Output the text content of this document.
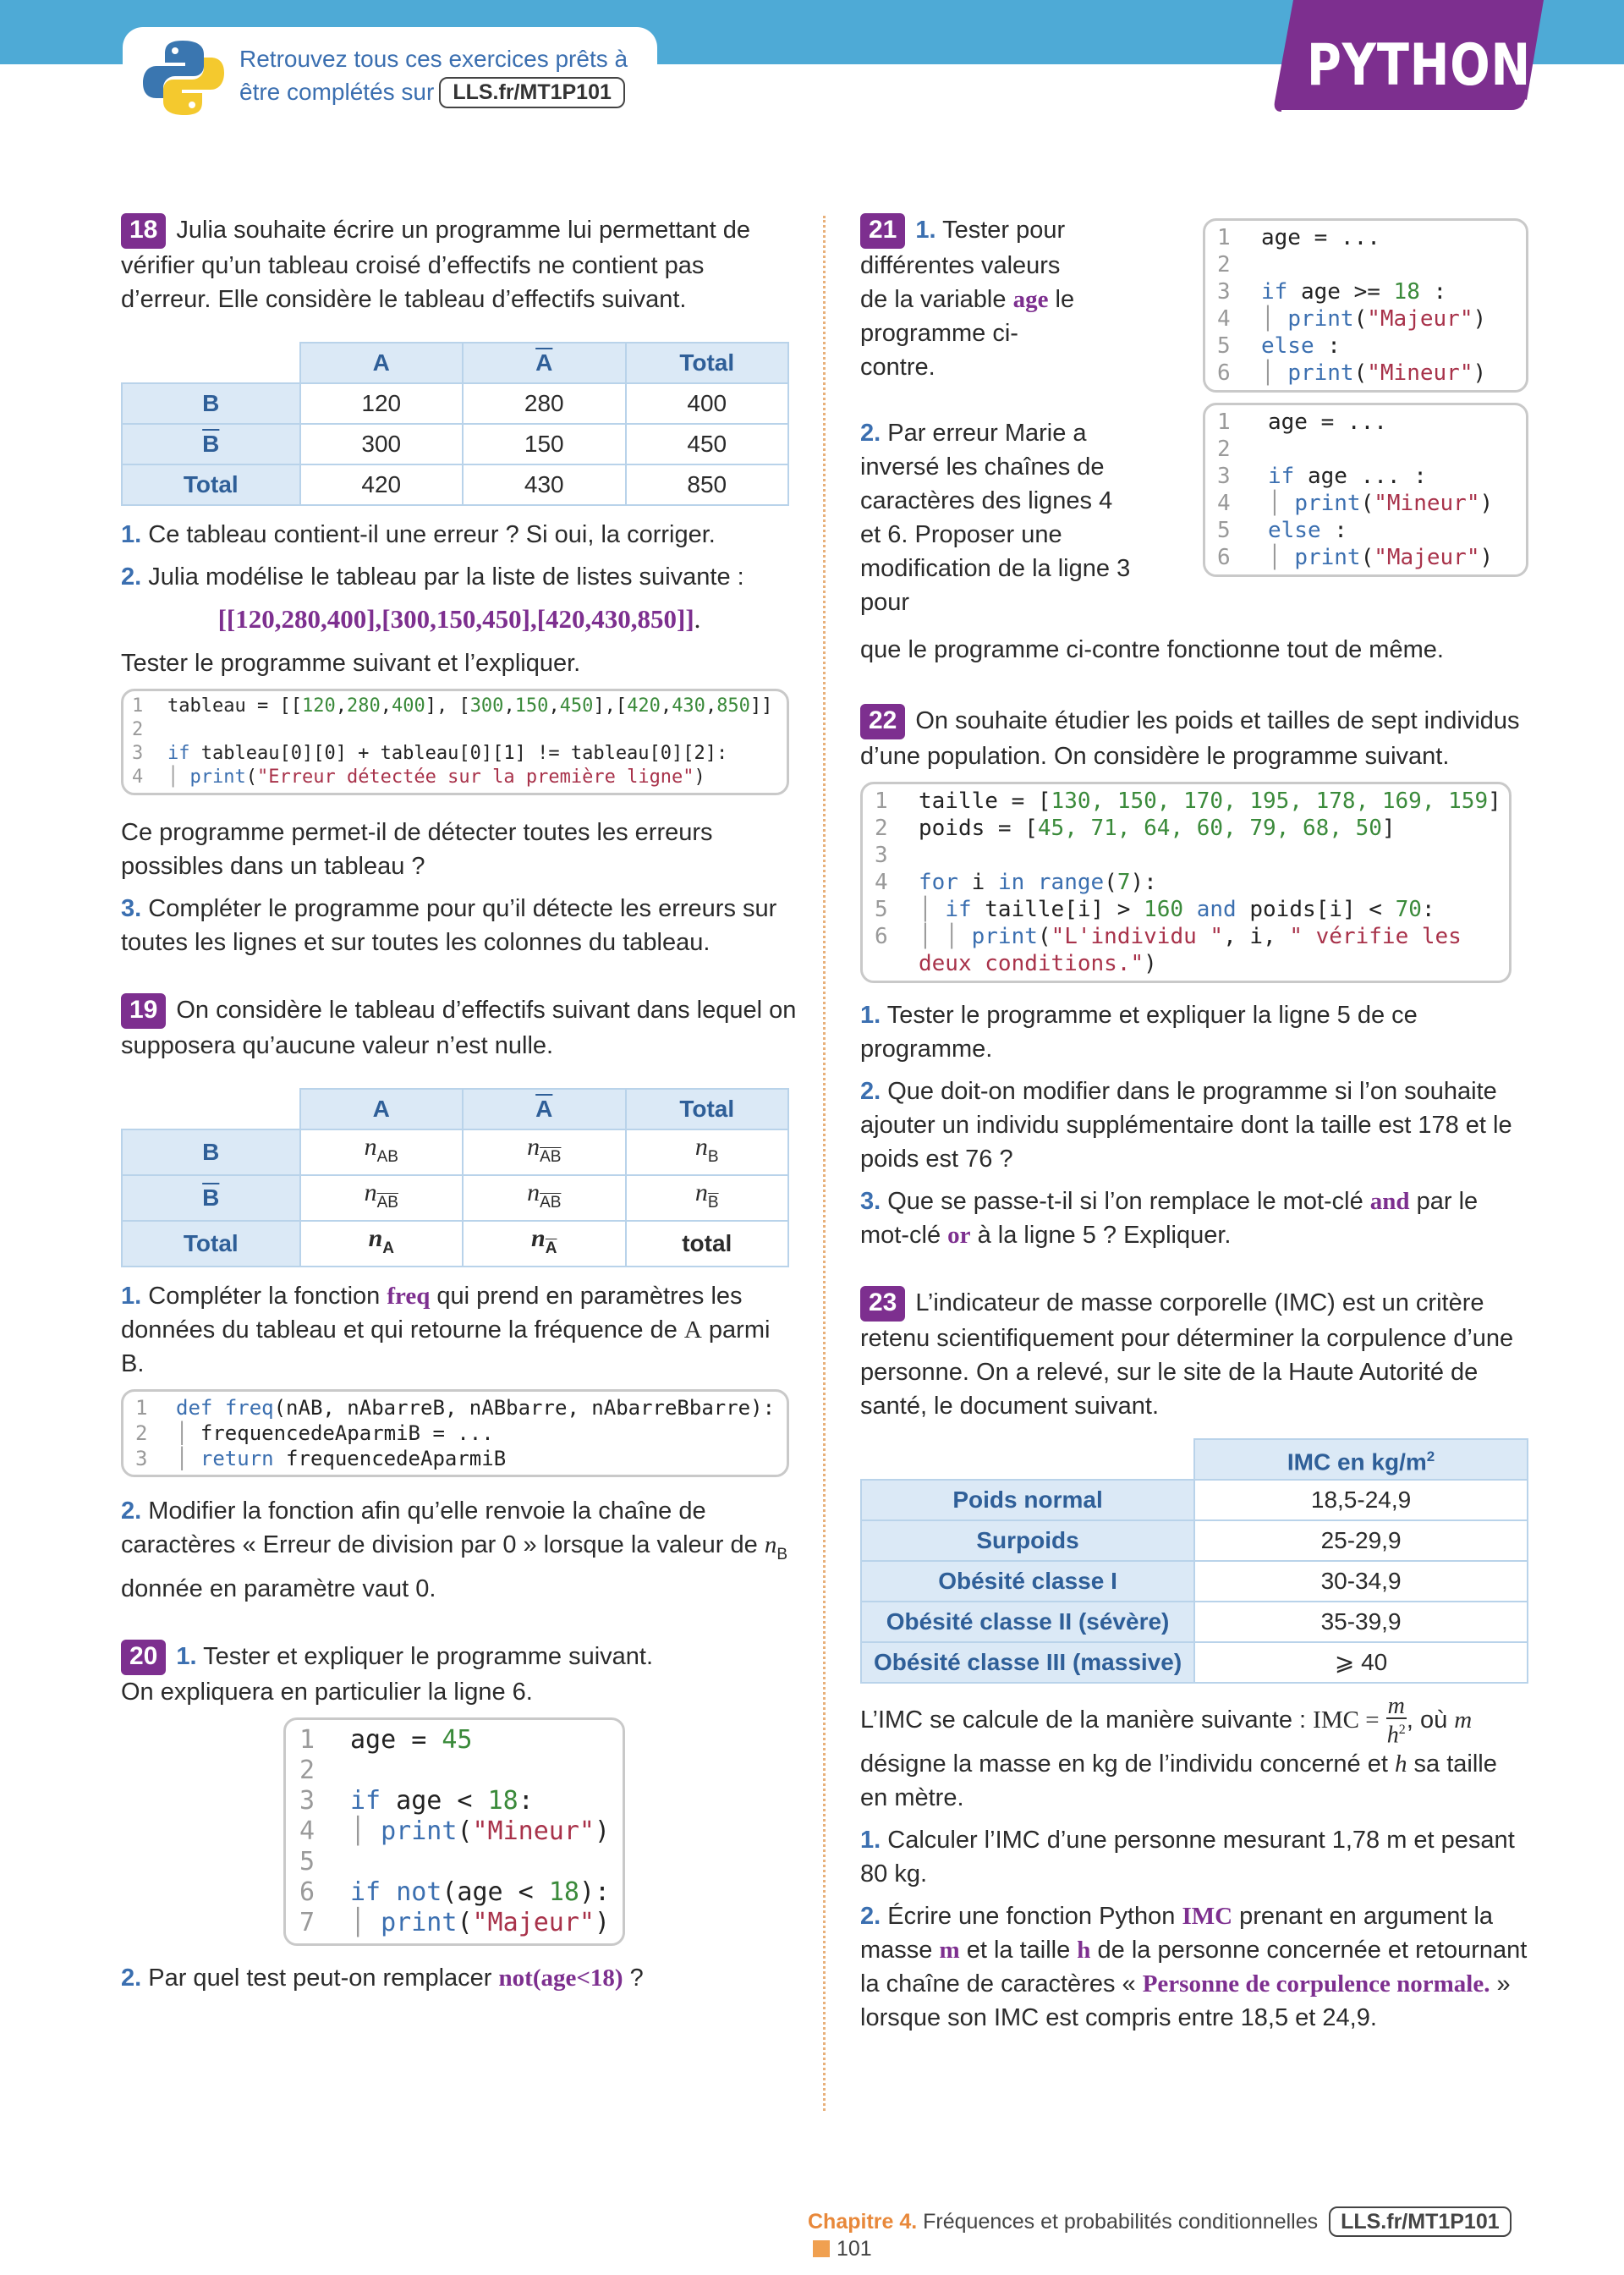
Retrouvez tous ces exercices prêts à
être complétés sur LLS.fr/MT1P101	PYTHON

18 Julia souhaite écrire un programme lui permettant de vérifier qu’un tableau croisé d’effectifs ne contient pas d’erreur. Elle considère le tableau d’effectifs suivant.

	A	$\overline{A}$	Total
B	120	280	400
$\overline{B}$	300	150	450
Total	420	430	850

1. Ce tableau contient-il une erreur ? Si oui, la corriger.

2. Julia modélise le tableau par la liste de listes suivante :

[[120,280,400],[300,150,450],[420,430,850]].

Tester le programme suivant et l’expliquer.

1 tableau = [[120,280,400], [300,150,450],[420,430,850]]
2
3 if tableau[0][0] + tableau[0][1] != tableau[0][2]:
4 │ print("Erreur détectée sur la première ligne")

Ce programme permet-il de détecter toutes les erreurs possibles dans un tableau ?

3. Compléter le programme pour qu’il détecte les erreurs sur toutes les lignes et sur toutes les colonnes du tableau.

19 On considère le tableau d’effectifs suivant dans lequel on supposera qu’aucune valeur n’est nulle.

	A	$\overline{A}$	Total
B	$n_{AB}$	$n_{\overline{AB}}$	$n_B$
$\overline{B}$	$n_{\overline{AB}}$	$n_{\overline{AB}}$	$n_{\overline{B}}$
Total	$n_A$	$n_{\overline{A}}$	total

1. Compléter la fonction freq qui prend en paramètres les données du tableau et qui retourne la fréquence de A parmi B.

1 def freq(nAB, nAbarreB, nABbarre, nAbarreBbarre):
2 │ frequencedeAparmiB = ...
3 │ return frequencedeAparmiB

2. Modifier la fonction afin qu’elle renvoie la chaîne de caractères « Erreur de division par 0 » lorsque la valeur de $n_B$ donnée en paramètre vaut 0.

20 1. Tester et expliquer le programme suivant.

On expliquera en particulier la ligne 6.

1 age = 45
2
3 if age < 18:
4 │ print("Mineur")
5
6 if not(age < 18):
7 │ print("Majeur")

2. Par quel test peut-on remplacer not(age<18) ?

1 age = ...
2
3 if age >= 18 :
4 │ print("Majeur")
5 else :
6 │ print("Mineur")

21 1. Tester pour différentes valeurs de la variable age le programme ci-contre.

1 age = ...
2
3 if age ... :
4 │ print("Mineur")
5 else :
6 │ print("Majeur")

2. Par erreur Marie a inversé les chaînes de caractères des lignes 4 et 6. Proposer une modification de la ligne 3 pour

que le programme ci-contre fonctionne tout de même.

22 On souhaite étudier les poids et tailles de sept individus d’une population. On considère le programme suivant.

1 taille = [130, 150, 170, 195, 178, 169, 159]
2 poids = [45, 71, 64, 60, 79, 68, 50]
3
4 for i in range(7):
5 │ if taille[i] > 160 and poids[i] < 70:
6 │ │ print("L'individu ", i, " vérifie les
deux conditions.")

1. Tester le programme et expliquer la ligne 5 de ce programme.

2. Que doit-on modifier dans le programme si l’on souhaite ajouter un individu supplémentaire dont la taille est 178 et le poids est 76 ?

3. Que se passe-t-il si l’on remplace le mot-clé and par le mot-clé or à la ligne 5 ? Expliquer.

23 L’indicateur de masse corporelle (IMC) est un critère retenu scientifiquement pour déterminer la corpulence d’une personne. On a relevé, sur le site de la Haute Autorité de santé, le document suivant.

	IMC en $kg/m^2$
Poids normal	18,5-24,9
Surpoids	25-29,9
Obésité classe I	30-34,9
Obésité classe II (sévère)	35-39,9
Obésité classe III (massive)	⩾ 40

L’IMC se calcule de la manière suivante : IMC = $\frac{m}{h^2}$ , où m désigne la masse en kg de l’individu concerné et h sa taille en mètre.

1. Calculer l’IMC d’une personne mesurant 1,78 m et pesant 80 kg.

2. Écrire une fonction Python IMC prenant en argument la masse m et la taille h de la personne concernée et retournant la chaîne de caractères « Personne de corpulence normale. » lorsque son IMC est compris entre 18,5 et 24,9.

Chapitre 4. Fréquences et probabilités conditionnelles LLS.fr/MT1P101 101
